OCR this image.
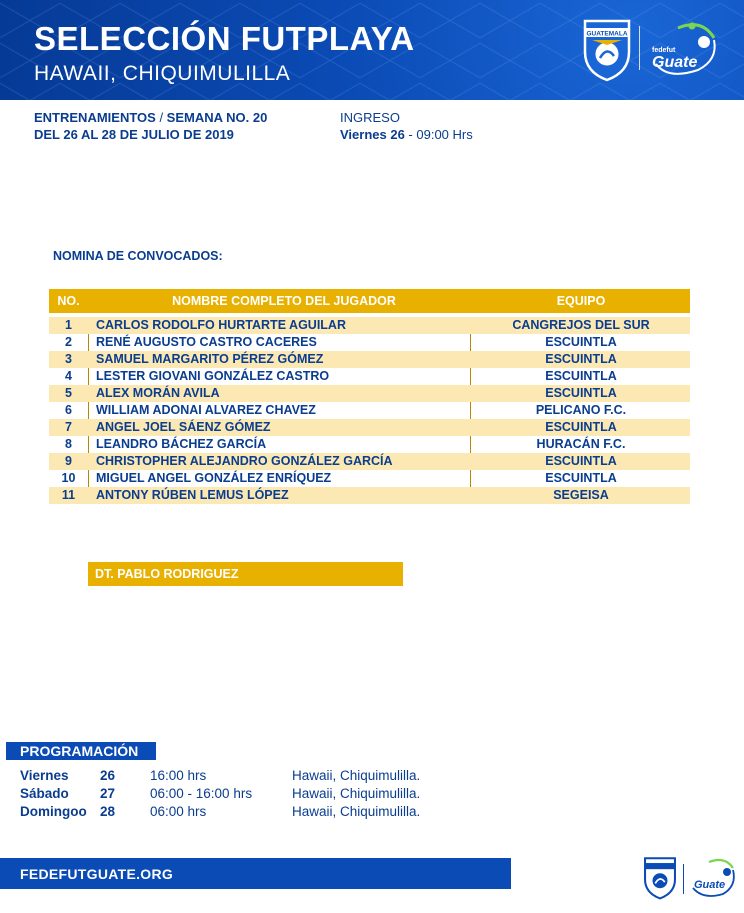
SELECCIÓN FUTPLAYA
HAWAII, CHIQUIMULILLA
GUATEMALA
fedefut
Guate
ENTRENAMIENTOS / SEMANA NO. 20
DEL 26 AL 28 DE JULIO DE 2019
INGRESO
Viernes 26 - 09:00 Hrs
NOMINA DE CONVOCADOS:
NO.	NOMBRE COMPLETO DEL JUGADOR	EQUIPO
1	CARLOS RODOLFO HURTARTE AGUILAR	CANGREJOS DEL SUR
2	RENÉ AUGUSTO CASTRO CACERES	ESCUINTLA
3	SAMUEL MARGARITO PÉREZ GÓMEZ	ESCUINTLA
4	LESTER GIOVANI GONZÁLEZ CASTRO	ESCUINTLA
5	ALEX MORÁN AVILA	ESCUINTLA
6	WILLIAM ADONAI ALVAREZ CHAVEZ	PELICANO F.C.
7	ANGEL JOEL SÁENZ GÓMEZ	ESCUINTLA
8	LEANDRO BÁCHEZ GARCÍA	HURACÁN F.C.
9	CHRISTOPHER ALEJANDRO GONZÁLEZ GARCÍA	ESCUINTLA
10	MIGUEL ANGEL GONZÁLEZ ENRÍQUEZ	ESCUINTLA
11	ANTONY RÚBEN LEMUS LÓPEZ	SEGEISA
DT. PABLO RODRIGUEZ
PROGRAMACIÓN
Viernes 26	16:00 hrs	Hawaii, Chiquimulilla.
Sábado 27	06:00 - 16:00 hrs	Hawaii, Chiquimulilla.
Domingoo 28	06:00 hrs	Hawaii, Chiquimulilla.
FEDEFUTGUATE.ORG
Guate
